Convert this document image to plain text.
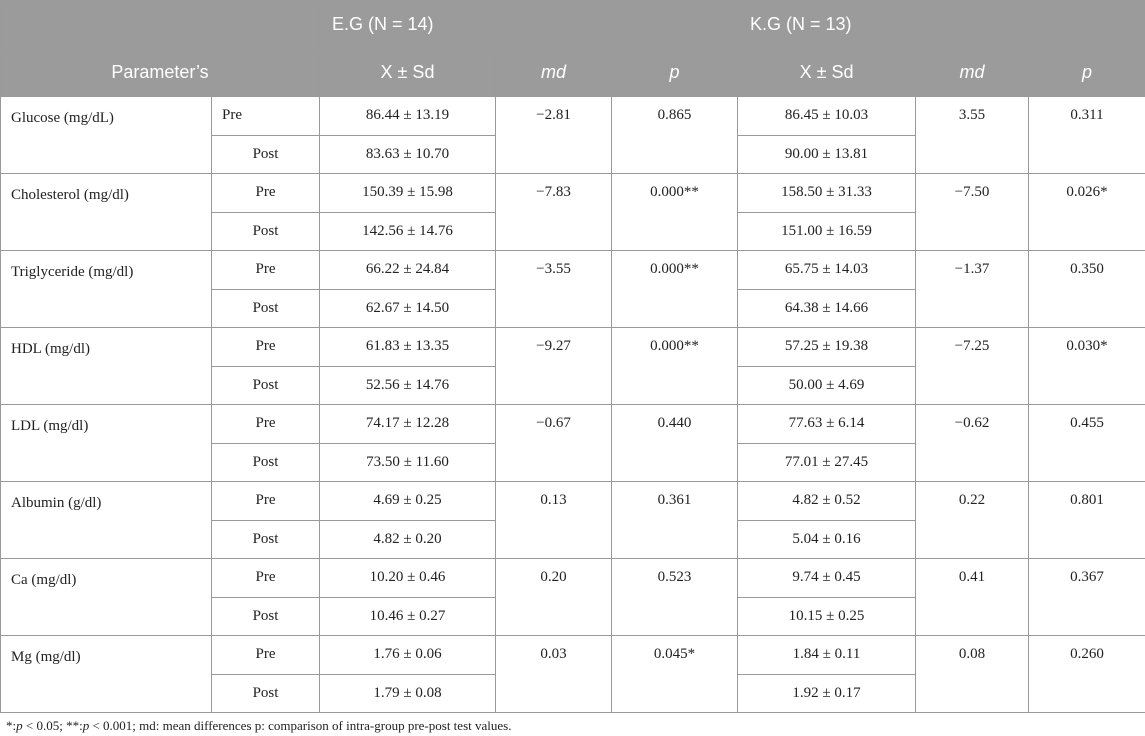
		E.G (N = 14)			K.G (N = 13)		
Parameter’s		X ± Sd	md	p	X ± Sd	md	p
Glucose (mg/dL)	Pre	86.44 ± 13.19	−2.81	0.865	86.45 ± 10.03	3.55	0.311
	Post	83.63 ± 10.70			90.00 ± 13.81		
Cholesterol (mg/dl)	Pre	150.39 ± 15.98	−7.83	0.000**	158.50 ± 31.33	−7.50	0.026*
	Post	142.56 ± 14.76			151.00 ± 16.59		
Triglyceride (mg/dl)	Pre	66.22 ± 24.84	−3.55	0.000**	65.75 ± 14.03	−1.37	0.350
	Post	62.67 ± 14.50			64.38 ± 14.66		
HDL (mg/dl)	Pre	61.83 ± 13.35	−9.27	0.000**	57.25 ± 19.38	−7.25	0.030*
	Post	52.56 ± 14.76			50.00 ± 4.69		
LDL (mg/dl)	Pre	74.17 ± 12.28	−0.67	0.440	77.63 ± 6.14	−0.62	0.455
	Post	73.50 ± 11.60			77.01 ± 27.45		
Albumin (g/dl)	Pre	4.69 ± 0.25	0.13	0.361	4.82 ± 0.52	0.22	0.801
	Post	4.82 ± 0.20			5.04 ± 0.16		
Ca (mg/dl)	Pre	10.20 ± 0.46	0.20	0.523	9.74 ± 0.45	0.41	0.367
	Post	10.46 ± 0.27			10.15 ± 0.25		
Mg (mg/dl)	Pre	1.76 ± 0.06	0.03	0.045*	1.84 ± 0.11	0.08	0.260
	Post	1.79 ± 0.08			1.92 ± 0.17		
*:p < 0.05; **:p < 0.001; md: mean differences p: comparison of intra-group pre-post test values.
